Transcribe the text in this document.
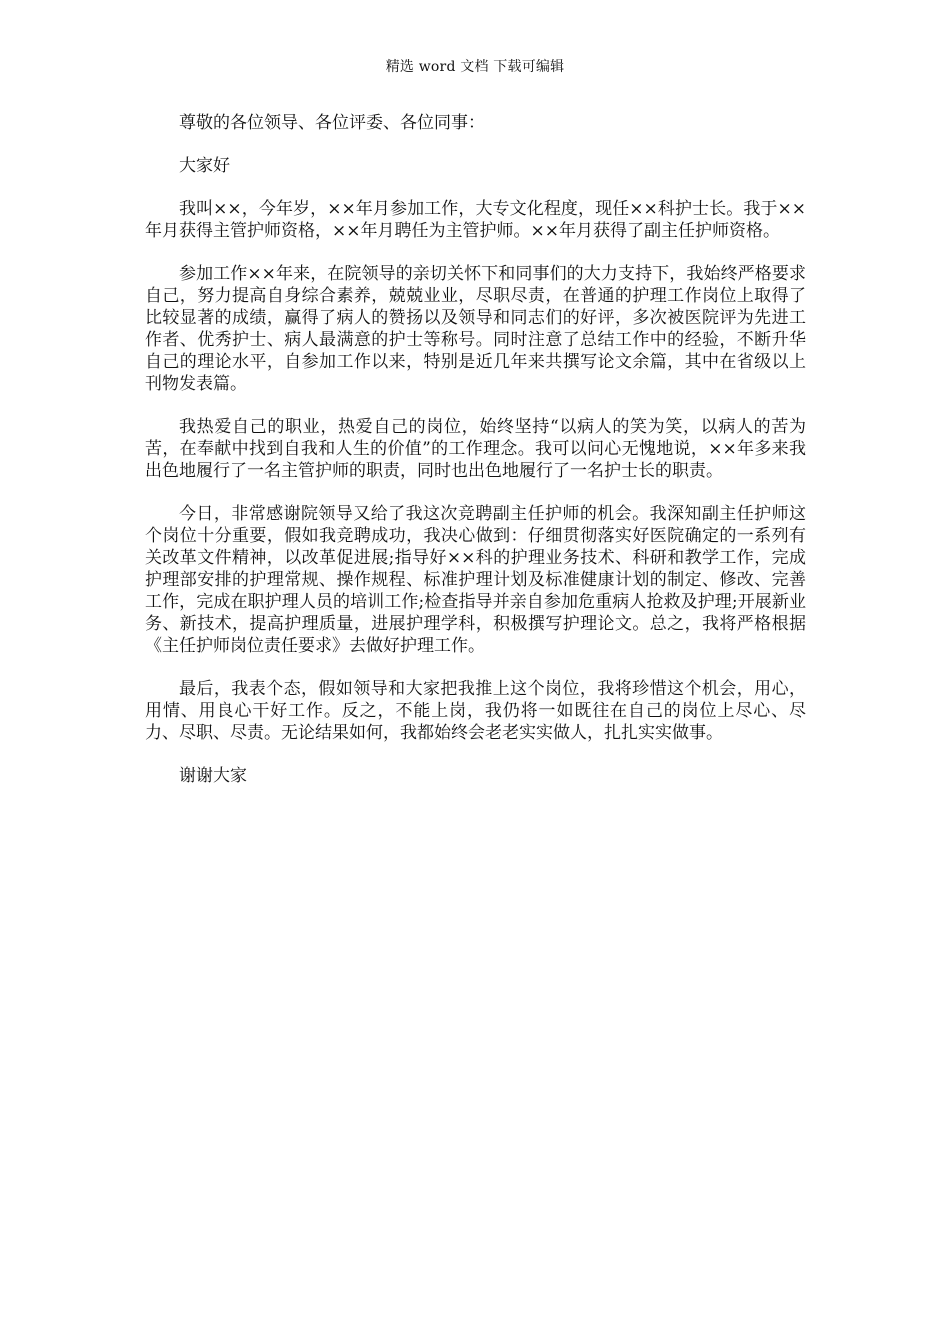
精选 word 文档 下载可编辑

尊敬的各位领导、各位评委、各位同事：

大家好

我叫××，今年岁，××年月参加工作，大专文化程度，现任××科护士长。我于××年月获得主管护师资格，××年月聘任为主管护师。××年月获得了副主任护师资格。

参加工作××年来，在院领导的亲切关怀下和同事们的大力支持下，我始终严格要求自己，努力提高自身综合素养，兢兢业业，尽职尽责，在普通的护理工作岗位上取得了比较显著的成绩，赢得了病人的赞扬以及领导和同志们的好评，多次被医院评为先进工作者、优秀护士、病人最满意的护士等称号。同时注意了总结工作中的经验，不断升华自己的理论水平，自参加工作以来，特别是近几年来共撰写论文余篇，其中在省级以上刊物发表篇。

我热爱自己的职业，热爱自己的岗位，始终坚持“以病人的笑为笑，以病人的苦为苦，在奉献中找到自我和人生的价值”的工作理念。我可以问心无愧地说，××年多来我出色地履行了一名主管护师的职责，同时也出色地履行了一名护士长的职责。

今日，非常感谢院领导又给了我这次竞聘副主任护师的机会。我深知副主任护师这个岗位十分重要，假如我竞聘成功，我决心做到：仔细贯彻落实好医院确定的一系列有关改革文件精神，以改革促进展;指导好××科的护理业务技术、科研和教学工作，完成护理部安排的护理常规、操作规程、标准护理计划及标准健康计划的制定、修改、完善工作，完成在职护理人员的培训工作;检查指导并亲自参加危重病人抢救及护理;开展新业务、新技术，提高护理质量，进展护理学科，积极撰写护理论文。总之，我将严格根据《主任护师岗位责任要求》去做好护理工作。

最后，我表个态，假如领导和大家把我推上这个岗位，我将珍惜这个机会，用心，用情、用良心干好工作。反之，不能上岗，我仍将一如既往在自己的岗位上尽心、尽力、尽职、尽责。无论结果如何，我都始终会老老实实做人，扎扎实实做事。

谢谢大家
